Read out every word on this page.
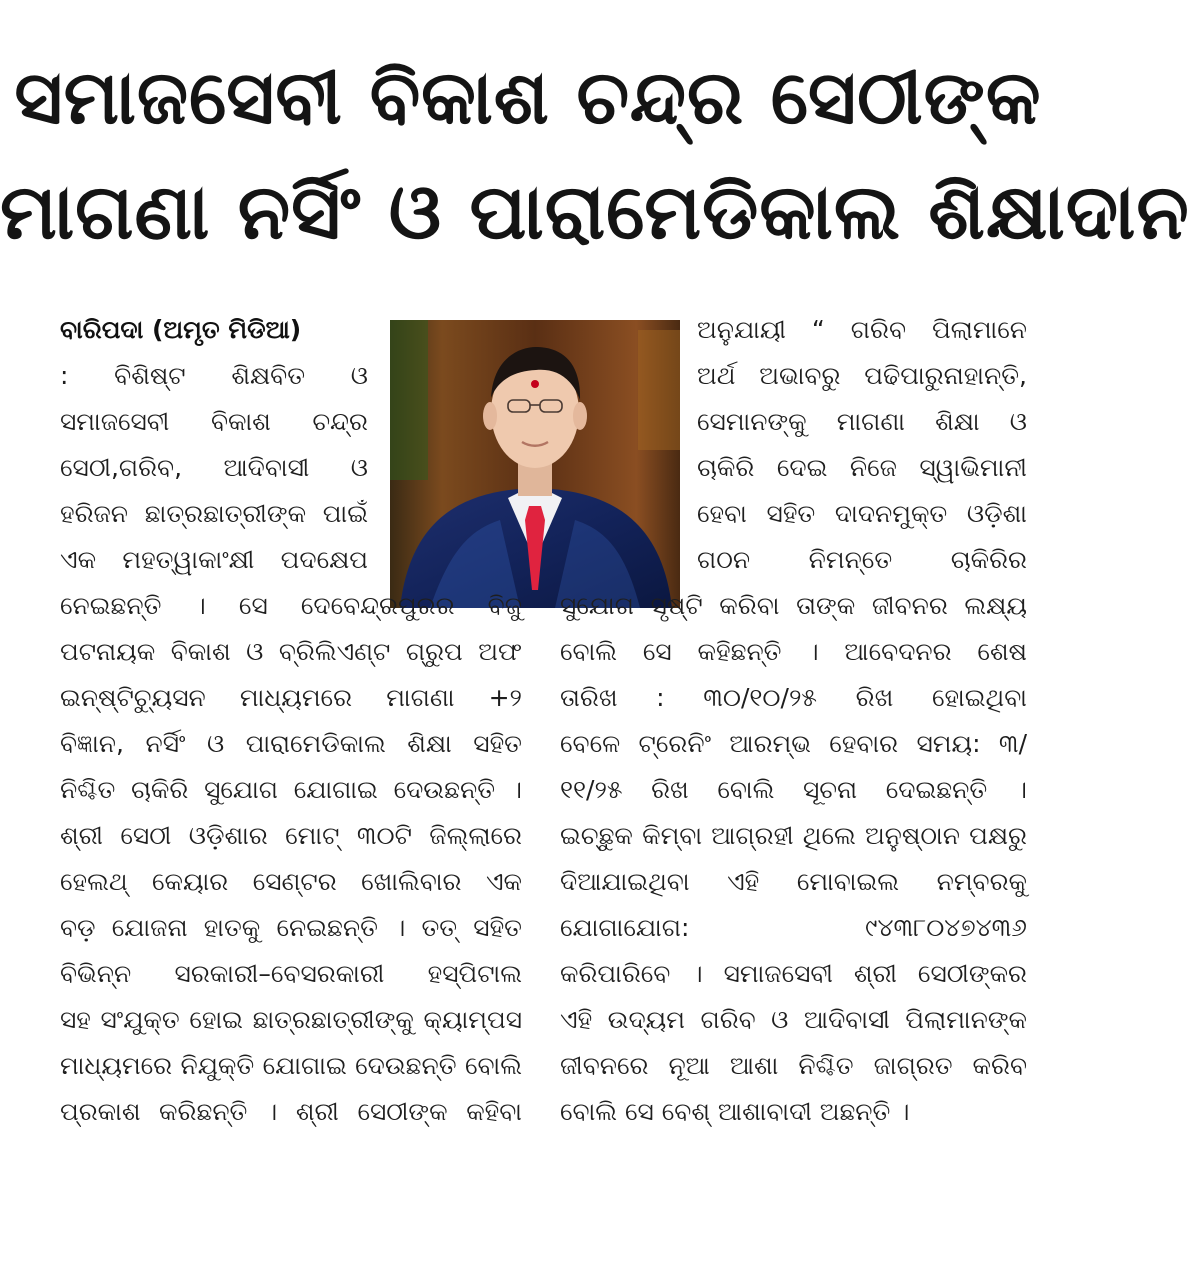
ସମାଜସେବୀ ବିକାଶ ଚନ୍ଦ୍ର ସେଠୀଙ୍କ
ମାଗଣା ନର୍ସିଂ ଓ ପାରାମେଡିକାଲ ଶିକ୍ଷାଦାନ
ବାରିପଦା (ଅମୃତ ମିଡିଆ)
: ବିଶିଷ୍ଟ ଶିକ୍ଷବିତ ଓ
ସମାଜସେବୀ ବିକାଶ ଚନ୍ଦ୍ର
ସେଠୀ,ଗରିବ, ଆଦିବାସୀ ଓ
ହରିଜନ ଛାତ୍ରଛାତ୍ରୀଙ୍କ ପାଇଁ
ଏକ ମହତ୍ୱାକାଂକ୍ଷୀ ପଦକ୍ଷେପ
ନେଇଛନ୍ତି । ସେ ଦେବେନ୍ଦ୍ରପୁରର ବିଜୁ
ପଟନାୟକ ବିକାଶ ଓ ବ୍ରିଲିଏଣ୍ଟ ଗ୍ରୁପ ଅଫ
ଇନ୍‌ଷ୍ଟିଚ୍ୟୁସନ ମାଧ୍ୟମରେ ମାଗଣା +୨
ବିଜ୍ଞାନ, ନର୍ସିଂ ଓ ପାରାମେଡିକାଲ ଶିକ୍ଷା ସହିତ
ନିଶ୍ଚିତ ଚାକିରି ସୁଯୋଗ ଯୋଗାଇ ଦେଉଛନ୍ତି ।
ଶ୍ରୀ ସେଠୀ ଓଡ଼ିଶାର ମୋଟ୍ ୩୦ଟି ଜିଲ୍ଲାରେ
ହେଲଥ୍ କେୟାର ସେଣ୍ଟର ଖୋଲିବାର ଏକ
ବଡ଼ ଯୋଜନା ହାତକୁ ନେଇଛନ୍ତି । ତତ୍ ସହିତ
ବିଭିନ୍ନ ସରକାରୀ–ବେସରକାରୀ ହସ୍ପିଟାଲ
ସହ ସଂଯୁକ୍ତ ହୋଇ ଛାତ୍ରଛାତ୍ରୀଙ୍କୁ କ୍ୟାମ୍ପସ
ମାଧ୍ୟମରେ ନିଯୁକ୍ତି ଯୋଗାଇ ଦେଉଛନ୍ତି ବୋଲି
ପ୍ରକାଶ କରିଛନ୍ତି । ଶ୍ରୀ ସେଠୀଙ୍କ କହିବା
ଅନୁଯାୟୀ “ ଗରିବ ପିଲାମାନେ
ଅର୍ଥ ଅଭାବରୁ ପଢିପାରୁନାହାନ୍ତି,
ସେମାନଙ୍କୁ ମାଗଣା ଶିକ୍ଷା ଓ
ଚାକିରି ଦେଇ ନିଜେ ସ୍ୱାଭିମାନୀ
ହେବା ସହିତ ଦାଦନମୁକ୍ତ ଓଡ଼ିଶା
ଗଠନ ନିମନ୍ତେ ଚାକିରିର
ସୁଯୋଗ ସୃଷ୍ଟି କରିବା ତାଙ୍କ ଜୀବନର ଲକ୍ଷ୍ୟ
ବୋଲି ସେ କହିଛନ୍ତି । ଆବେଦନର ଶେଷ
ତାରିଖ : ୩୦/୧୦/୨୫ ରିଖ ହୋଇଥିବା
ବେଳେ ଟ୍ରେନିଂ ଆରମ୍ଭ ହେବାର ସମୟ: ୩/
୧୧/୨୫ ରିଖ ବୋଲି ସୂଚନା ଦେଇଛନ୍ତି ।
ଇଚ୍ଛୁକ କିମ୍ବା ଆଗ୍ରହୀ ଥିଲେ ଅନୁଷ୍ଠାନ ପକ୍ଷରୁ
ଦିଆଯାଇଥିବା ଏହି ମୋବାଇଲ ନମ୍ବରକୁ
ଯୋଗାଯୋଗ: ୯୪୩୮୦୪୭୪୩୬
କରିପାରିବେ । ସମାଜସେବୀ ଶ୍ରୀ ସେଠୀଙ୍କର
ଏହି ଉଦ୍ୟମ ଗରିବ ଓ ଆଦିବାସୀ ପିଲାମାନଙ୍କ
ଜୀବନରେ ନୂଆ ଆଶା ନିଶ୍ଚିତ ଜାଗ୍ରତ କରିବ
ବୋଲି ସେ ବେଶ୍ ଆଶାବାଦୀ ଅଛନ୍ତି ।
